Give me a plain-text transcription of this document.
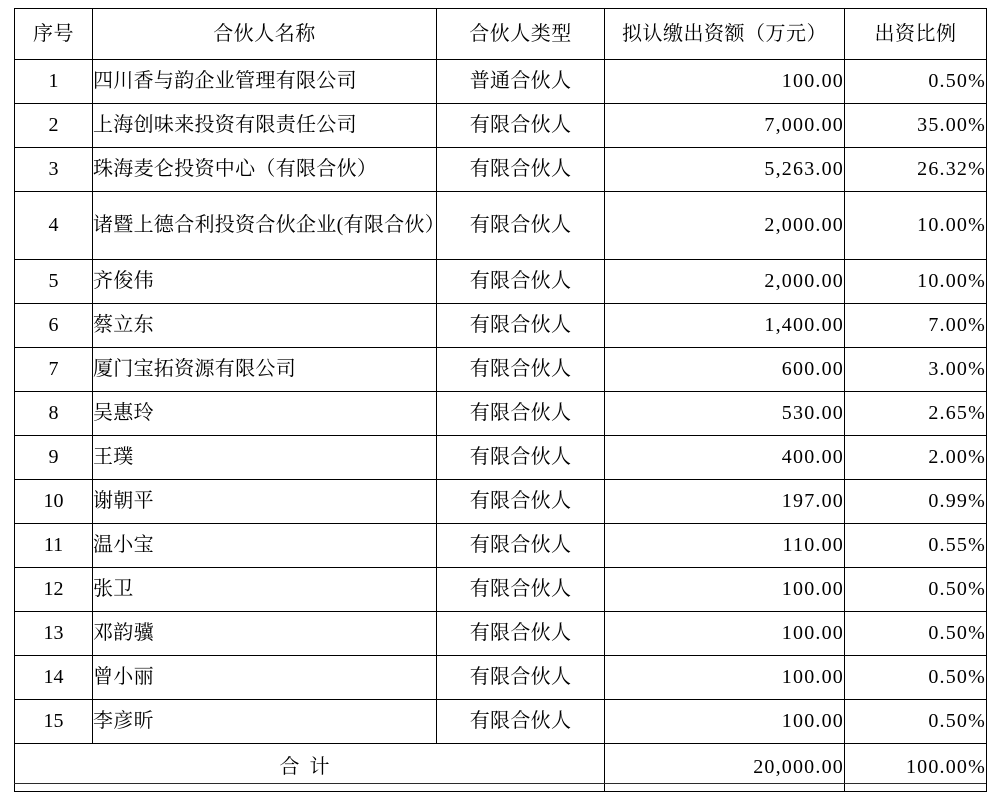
序号	合伙人名称	合伙人类型	拟认缴出资额（万元）	出资比例
1	四川香与韵企业管理有限公司	普通合伙人	100.00	0.50%
2	上海创味来投资有限责任公司	有限合伙人	7,000.00	35.00%
3	珠海麦仑投资中心（有限合伙）	有限合伙人	5,263.00	26.32%
4	诸暨上德合利投资合伙企业(有限合伙）	有限合伙人	2,000.00	10.00%
5	齐俊伟	有限合伙人	2,000.00	10.00%
6	蔡立东	有限合伙人	1,400.00	7.00%
7	厦门宝拓资源有限公司	有限合伙人	600.00	3.00%
8	吴惠玲	有限合伙人	530.00	2.65%
9	王璞	有限合伙人	400.00	2.00%
10	谢朝平	有限合伙人	197.00	0.99%
11	温小宝	有限合伙人	110.00	0.55%
12	张卫	有限合伙人	100.00	0.50%
13	邓韵骥	有限合伙人	100.00	0.50%
14	曾小丽	有限合伙人	100.00	0.50%
15	李彦昕	有限合伙人	100.00	0.50%
合计			20,000.00	100.00%
